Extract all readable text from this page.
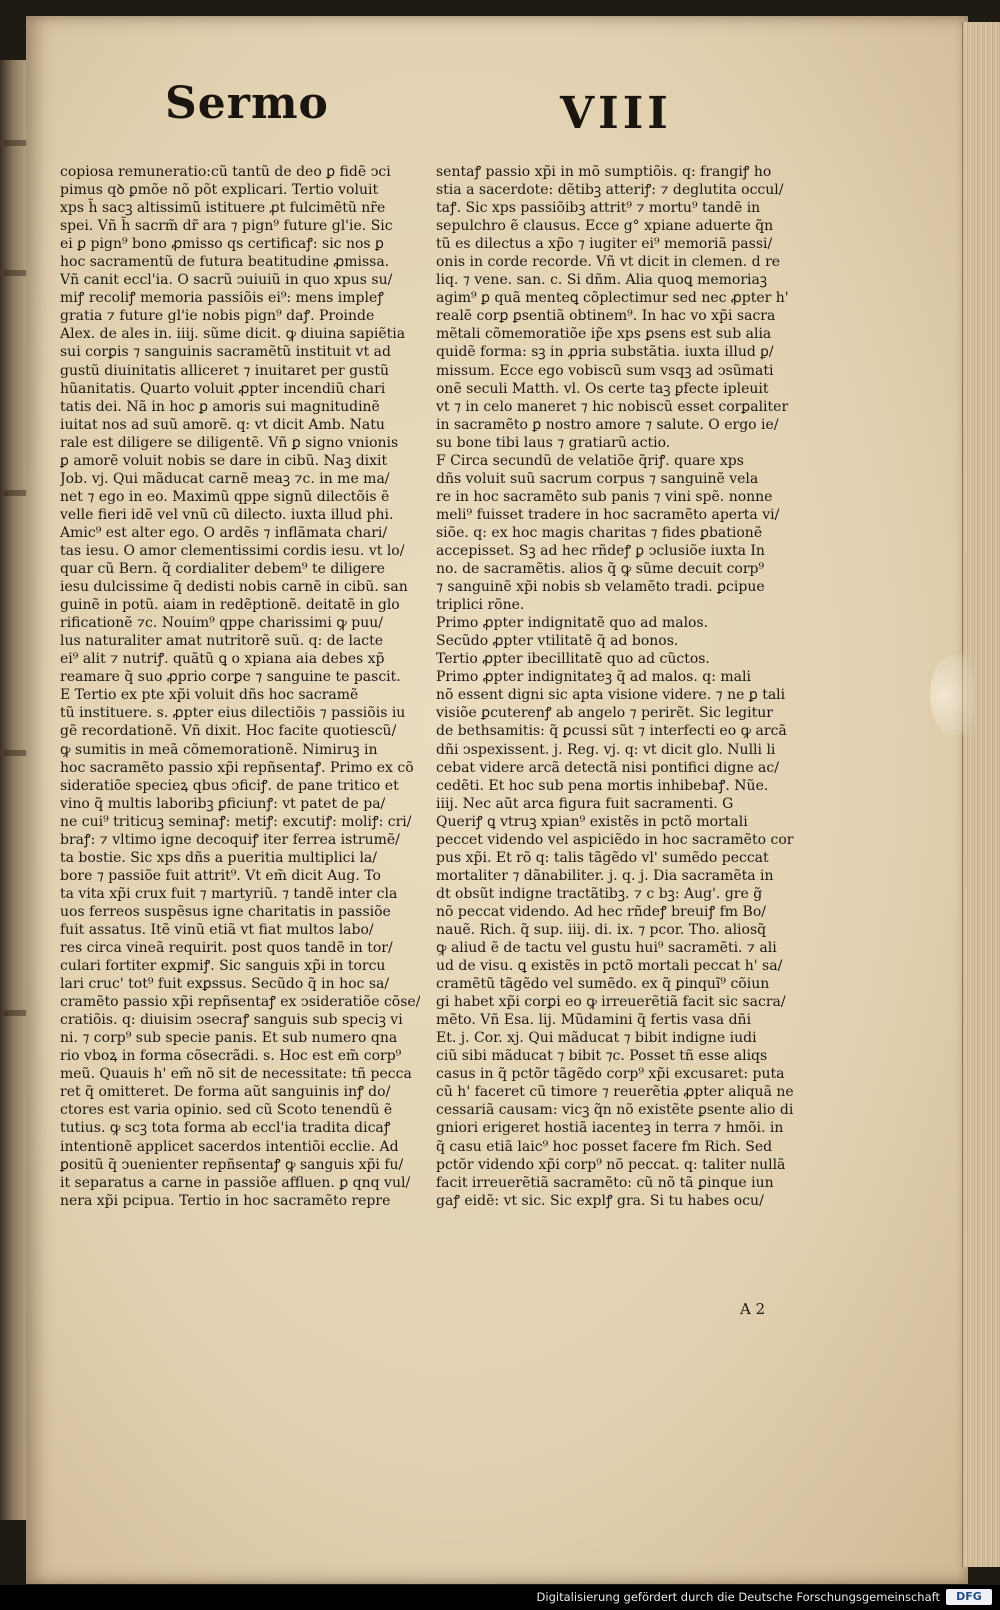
Sermo	VIII
copiosa remuneratio:cũ tantũ de deo ꝑ fidẽ ↄci
pimus qꝺ ꝑmõe nõ põt explicari. Tertio voluit
xps h̃ sacꝫ altissimũ istituere ꝓt fulcimẽtũ nr̃e
spei. Vñ h̃ sacrm̃ dr̃ ara ⁊ pign⁹ future gl'ie. Sic
ei ꝑ pign⁹ bono ꝓmisso qs certificaꝭ: sic nos ꝑ
hoc sacramentũ de futura beatitudine ꝓmissa.
Vñ canit eccl'ia. O sacrũ ↄuiuiũ in quo xpus su/
miꝭ recoliꝭ memoria passiõis ei⁹: mens impleꝭ
gratia ⁊ future gl'ie nobis pign⁹ daꝭ. Proinde
Alex. de ales in. iiij. sũme dicit. ꝙ diuina sapiẽtia
sui corꝑis ⁊ sanguinis sacramẽtũ instituit vt ad
gustũ diuinitatis alliceret ⁊ inuitaret per gustũ
hũanitatis. Quarto voluit ꝓpter incendiũ chari
tatis dei. Nã in hoc ꝑ amoris sui magnitudinẽ
iuitat nos ad suũ amorẽ. q: vt dicit Amb. Natu
rale est diligere se diligentẽ. Vñ ꝑ signo vnionis
ꝑ amorẽ voluit nobis se dare in cibũ. Naꝫ dixit
Job. vj. Qui mãducat carnẽ meaꝫ ⁊c. in me ma/
net ⁊ ego in eo. Maximũ qppe signũ dilectõis ẽ
velle fieri idẽ vel vnũ cũ dilecto. iuxta illud phi.
Amic⁹ est alter ego. O ardẽs ⁊ inflãmata chari/
tas iesu. O amor clementissimi cordis iesu. vt lo/
quar cũ Bern. q̃ cordialiter debem⁹ te diligere
iesu dulcissime q̃ dedisti nobis carnẽ in cibũ. san
guinẽ in potũ. aiam in redẽptionẽ. deitatẽ in glo
rificationẽ ⁊c. Nouim⁹ qppe charissimi ꝙ puu/
lus naturaliter amat nutritorẽ suũ. q: de lacte
ei⁹ alit ⁊ nutriꝭ. quãtũ ꝗ o xpiana aia debes xp̃
reamare q̃ suo ꝓprio corꝑe ⁊ sanguine te pascit.
E Tertio ex pte xp̃i voluit dñs hoc sacramẽ
tũ instituere. s. ꝓpter eius dilectiõis ⁊ passiõis iu
gẽ recordationẽ. Vñ dixit. Hoc facite quotiescũ/
ꝙ sumitis in meã cõmemorationẽ. Nimiruꝫ in
hoc sacramẽto passio xp̃i repñsentaꝭ. Primo ex cõ
sideratiõe specieꝝ qbus ↄficiꝭ. de pane tritico et
vino q̃ multis laboribꝫ ꝑficiunꝭ: vt patet de pa/
ne cui⁹ triticuꝫ seminaꝭ: metiꝭ: excutiꝭ: moliꝭ: cri/
braꝭ: ⁊ vltimo igne decoquiꝭ iter ferrea istrumẽ/
ta bostie. Sic xps dñs a pueritia multiplici la/
bore ⁊ passiõe fuit attrit⁹. Vt em̃ dicit Aug. To
ta vita xp̃i crux fuit ⁊ martyriũ. ⁊ tandẽ inter cla
uos ferreos suspẽsus igne charitatis in passiõe
fuit assatus. Itẽ vinũ etiã vt fiat multos labo/
res circa vineã requirit. post quos tandẽ in tor/
culari fortiter exꝑmiꝭ. Sic sanguis xp̃i in torcu
lari cruc' tot⁹ fuit exꝑssus. Secũdo q̃ in hoc sa/
cramẽto passio xp̃i repñsentaꝭ ex ↄsideratiõe cõse/
cratiõis. q: diuisim ↄsecraꝭ sanguis sub speciꝫ vi
ni. ⁊ corp⁹ sub specie panis. Et sub numero qna
rio vboꝝ in forma cõsecrãdi. s. Hoc est em̃ corp⁹
meũ. Quauis h' em̃ nõ sit de necessitate: tñ pecca
ret q̃ omitteret. De forma aũt sanguinis inꝭ do/
ctores est varia opinio. sed cũ Scoto tenendũ ẽ
tutius. ꝙ scꝫ tota forma ab eccl'ia tradita dicaꝭ
intentionẽ applicet sacerdos intentiõi ecclie. Ad
ꝑositũ q̃ ↄuenienter repñsentaꝭ ꝙ sanguis xp̃i fu/
it separatus a carne in passiõe affluen. ꝑ qnq vul/
nera xp̃i pcipua. Tertio in hoc sacramẽto repre
sentaꝭ passio xp̃i in mõ sumptiõis. q: frangiꝭ ho
stia a sacerdote: dẽtibꝫ atteriꝭ: ⁊ deglutita occul/
taꝭ. Sic xps passiõibꝫ attrit⁹ ⁊ mortu⁹ tandẽ in
sepulchro ẽ clausus. Ecce g° xpiane aduerte q̃n
tũ es dilectus a xp̃o ⁊ iugiter ei⁹ memoriã passi/
onis in corde recorde. Vñ vt dicit in clemen. d re
liq. ⁊ vene. san. c. Si dñm. Alia quoꝗ memoriaꝫ
agim⁹ ꝑ quã menteꝗ cõplectimur sed nec ꝓpter h'
realẽ corꝑ ꝑsentiã obtinem⁹. In hac vo xp̃i sacra
mẽtali cõmemoratiõe ip̃e xps ꝑsens est sub alia
quidẽ forma: sꝫ in ꝓpria substãtia. iuxta illud ꝑ/
missum. Ecce ego vobiscũ sum vsqꝫ ad ↄsũmati
onẽ seculi Matth. vl. Os certe taꝫ ꝑfecte ipleuit
vt ⁊ in celo maneret ⁊ hic nobiscũ esset corꝑaliter
in sacramẽto ꝑ nostro amore ⁊ salute. O ergo ie/
su bone tibi laus ⁊ gratiarũ actio.
F Circa secundũ de velatiõe q̃riꝭ. quare xps
dñs voluit suũ sacrum corpus ⁊ sanguinẽ vela
re in hoc sacramẽto sub panis ⁊ vini spẽ. nonne
meli⁹ fuisset tradere in hoc sacramẽto aperta vi/
siõe. q: ex hoc magis charitas ⁊ fides ꝑbationẽ
accepisset. Sꝫ ad hec rñdeꝭ ꝑ ↄclusiõe iuxta In
no. de sacramẽtis. alios q̃ ꝙ sũme decuit corp⁹
⁊ sanguinẽ xp̃i nobis sb velamẽto tradi. ꝑcipue
triplici rõne.
Primo ꝓpter indignitatẽ quo ad malos.
Secũdo ꝓpter vtilitatẽ q̃ ad bonos.
Tertio ꝓpter ibecillitatẽ quo ad cũctos.
Primo ꝓpter indignitateꝫ q̃ ad malos. q: mali
nõ essent digni sic apta visione videre. ⁊ ne ꝑ tali
visiõe ꝑcuterenꝭ ab angelo ⁊ perirẽt. Sic legitur
de bethsamitis: q̃ ꝑcussi sũt ⁊ interfecti eo ꝙ arcã
dñi ↄspexissent. j. Reg. vj. q: vt dicit glo. Nulli li
cebat videre arcã detectã nisi pontifici digne ac/
cedẽti. Et hoc sub pena mortis inhibebaꝭ. Nũe.
iiij. Nec aũt arca figura fuit sacramenti. G
Queriꝭ ꝗ vtruꝫ xpian⁹ existẽs in pctõ mortali
peccet videndo vel aspiciẽdo in hoc sacramẽto cor
pus xp̃i. Et rõ q: talis tãgẽdo vl' sumẽdo peccat
mortaliter ⁊ dãnabiliter. j. q. j. Dia sacramẽta in
dt obsũt indigne tractãtibꝫ. ⁊ c bꝫ: Aug'. gre g̃
nõ peccat videndo. Ad hec rñdeꝭ breuiꝭ fm Bo/
nauẽ. Rich. q̃ sup. iiij. di. ix. ⁊ pcor. Tho. aliosq̃
ꝙ aliud ẽ de tactu vel gustu hui⁹ sacramẽti. ⁊ ali
ud de visu. ꝗ existẽs in pctõ mortali peccat h' sa/
cramẽtũ tãgẽdo vel sumẽdo. ex q̃ ꝑinquĩ⁹ cõiun
gi habet xp̃i corꝑi eo ꝙ irreuerẽtiã facit sic sacra/
mẽto. Vñ Esa. lij. Mũdamini q̃ fertis vasa dñi
Et. j. Cor. xj. Qui mãducat ⁊ bibit indigne iudi
ciũ sibi mãducat ⁊ bibit ⁊c. Posset tñ esse aliqs
casus in q̃ pctõr tãgẽdo corp⁹ xp̃i excusaret: puta
cũ h' faceret cũ timore ⁊ reuerẽtia ꝓpter aliquã ne
cessariã causam: vicꝫ q̃n nõ existẽte ꝑsente alio di
gniori erigeret hostiã iacenteꝫ in terra ⁊ hmõi. in
q̃ casu etiã laic⁹ hoc posset facere fm Rich. Sed
pctõr videndo xp̃i corp⁹ nõ peccat. q: taliter nullã
facit irreuerẽtiã sacramẽto: cũ nõ tã ꝑinque iun
gaꝭ eidẽ: vt sic. Sic explꝭ gra. Si tu habes ocu/
A 2
Digitalisierung gefördert durch die Deutsche Forschungsgemeinschaft	DFG
